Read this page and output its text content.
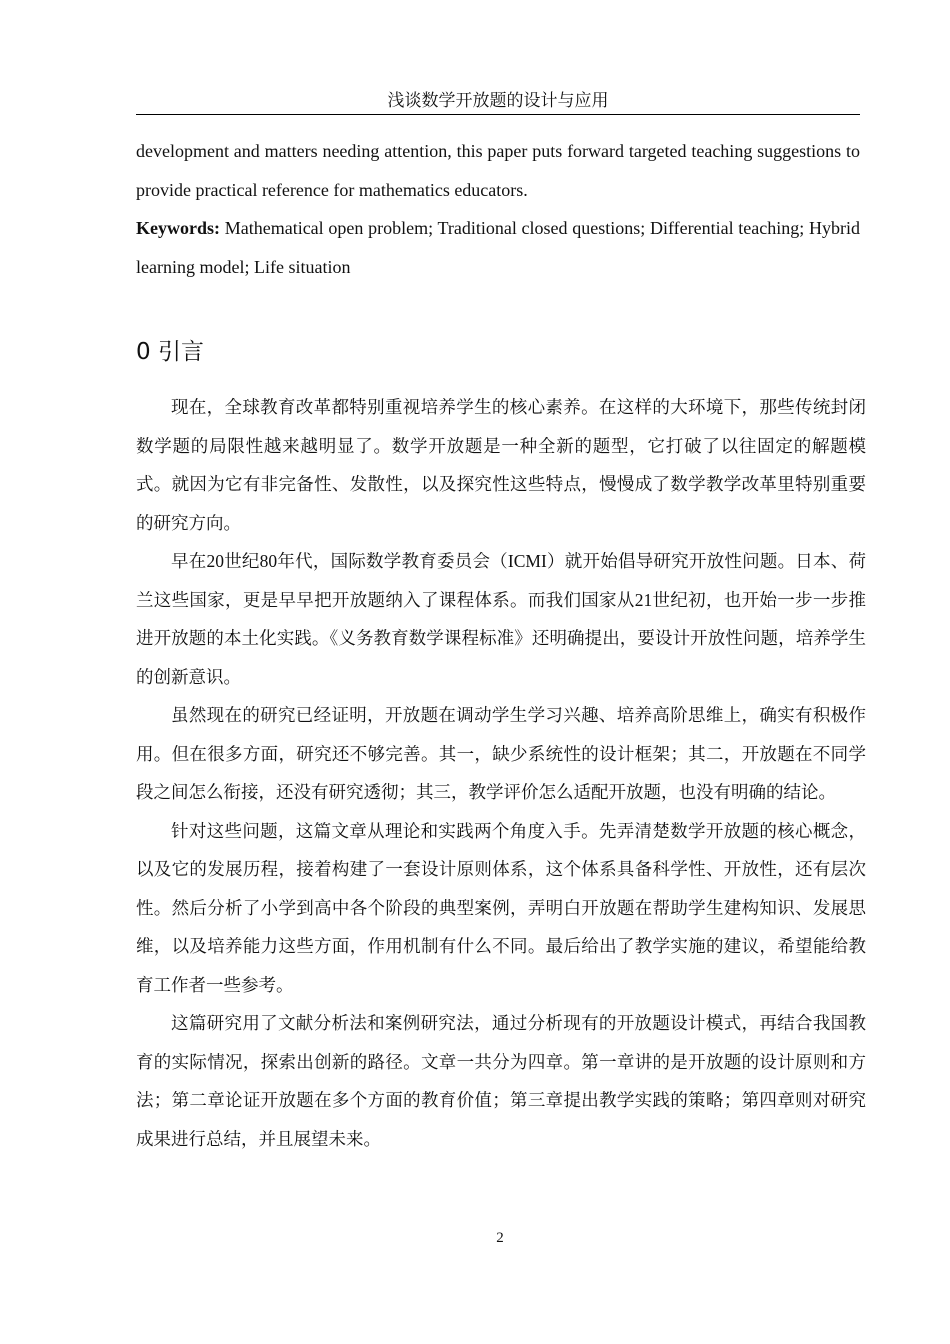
浅谈数学开放题的设计与应用

development and matters needing attention, this paper puts forward targeted teaching suggestions to provide practical reference for mathematics educators.

Keywords: Mathematical open problem; Traditional closed questions; Differential teaching; Hybrid learning model; Life situation

0 引言

现在，全球教育改革都特别重视培养学生的核心素养。在这样的大环境下，那些传统封闭数学题的局限性越来越明显了。数学开放题是一种全新的题型，它打破了以往固定的解题模式。就因为它有非完备性、发散性，以及探究性这些特点，慢慢成了数学教学改革里特别重要的研究方向。

早在20世纪80年代，国际数学教育委员会（ICMI）就开始倡导研究开放性问题。日本、荷兰这些国家，更是早早把开放题纳入了课程体系。而我们国家从21世纪初，也开始一步一步推进开放题的本土化实践。《义务教育数学课程标准》还明确提出，要设计开放性问题，培养学生的创新意识。

虽然现在的研究已经证明，开放题在调动学生学习兴趣、培养高阶思维上，确实有积极作用。但在很多方面，研究还不够完善。其一，缺少系统性的设计框架；其二，开放题在不同学段之间怎么衔接，还没有研究透彻；其三，教学评价怎么适配开放题，也没有明确的结论。

针对这些问题，这篇文章从理论和实践两个角度入手。先弄清楚数学开放题的核心概念，以及它的发展历程，接着构建了一套设计原则体系，这个体系具备科学性、开放性，还有层次性。然后分析了小学到高中各个阶段的典型案例，弄明白开放题在帮助学生建构知识、发展思维，以及培养能力这些方面，作用机制有什么不同。最后给出了教学实施的建议，希望能给教育工作者一些参考。

这篇研究用了文献分析法和案例研究法，通过分析现有的开放题设计模式，再结合我国教育的实际情况，探索出创新的路径。文章一共分为四章。第一章讲的是开放题的设计原则和方法；第二章论证开放题在多个方面的教育价值；第三章提出教学实践的策略；第四章则对研究成果进行总结，并且展望未来。

2
